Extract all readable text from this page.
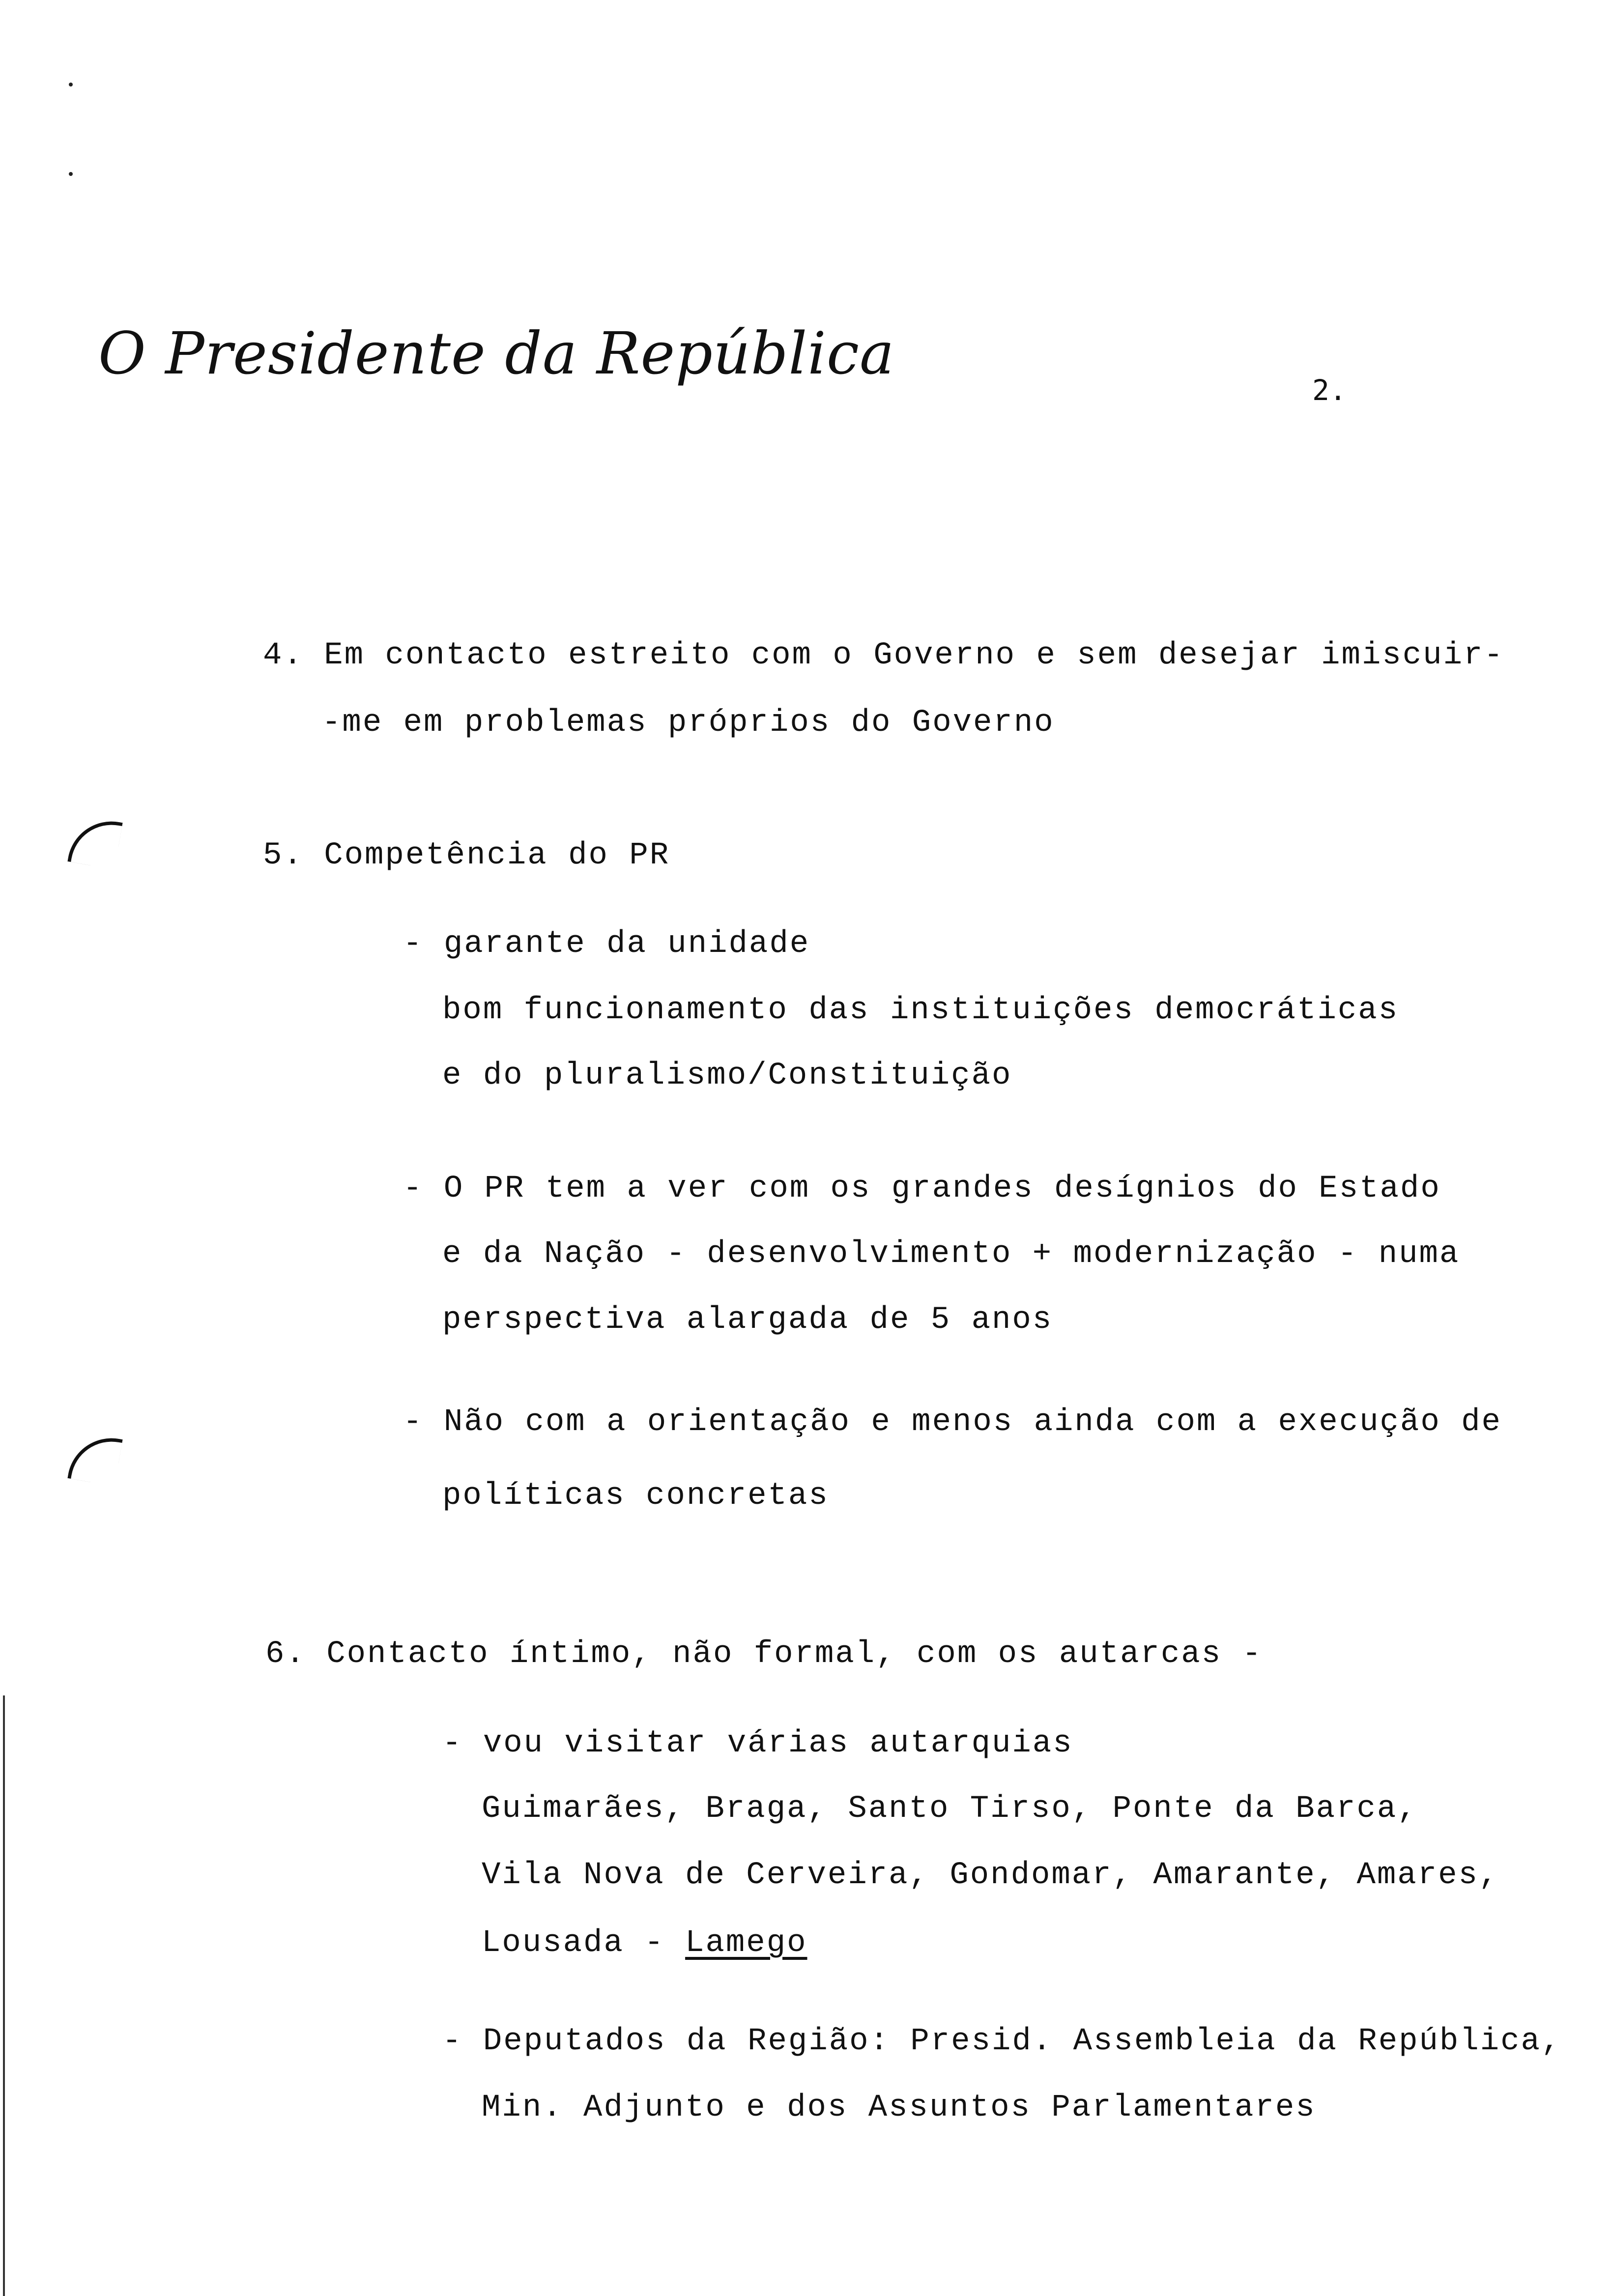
O Presidente da República
2.
4. Em contacto estreito com o Governo e sem desejar imiscuir-
-me em problemas próprios do Governo
5. Competência do PR
- garante da unidade
bom funcionamento das instituições democráticas
e do pluralismo/Constituição
- O PR tem a ver com os grandes desígnios do Estado
e da Nação - desenvolvimento + modernização - numa
perspectiva alargada de 5 anos
- Não com a orientação e menos ainda com a execução de
políticas concretas
6. Contacto íntimo, não formal, com os autarcas -
- vou visitar várias autarquias
Guimarães, Braga, Santo Tirso, Ponte da Barca,
Vila Nova de Cerveira, Gondomar, Amarante, Amares,
Lousada - Lamego
- Deputados da Região: Presid. Assembleia da República,
Min. Adjunto e dos Assuntos Parlamentares
